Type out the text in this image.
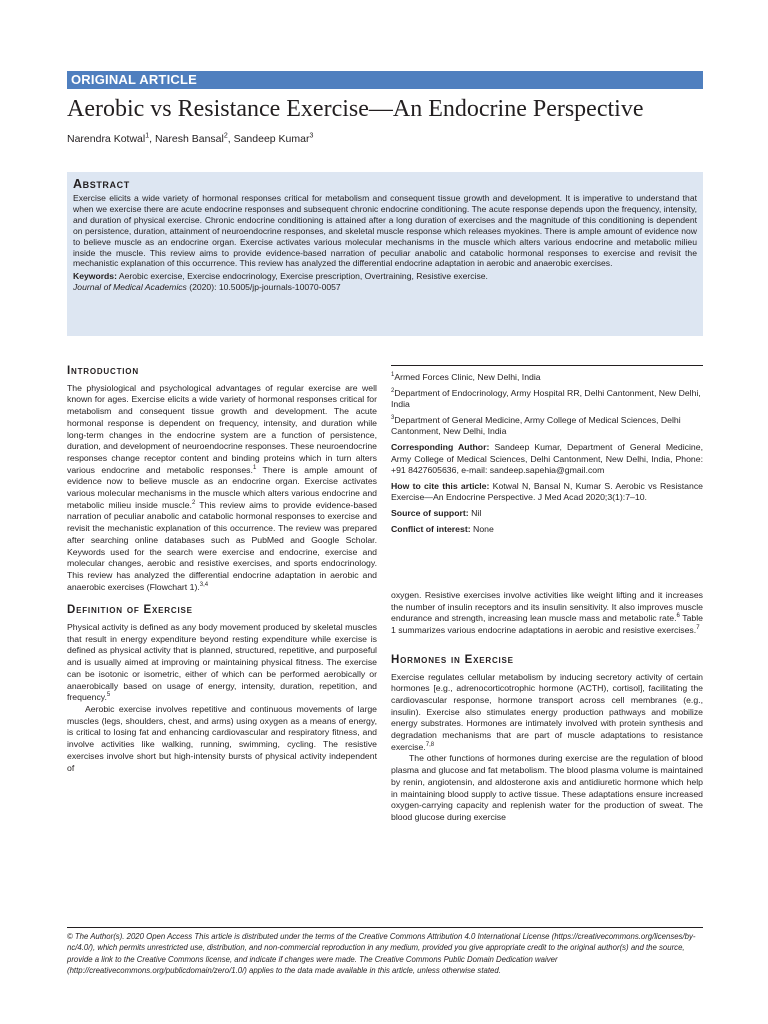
ORIGINAL ARTICLE
Aerobic vs Resistance Exercise—An Endocrine Perspective
Narendra Kotwal$^1$, Naresh Bansal$^2$, Sandeep Kumar$^3$
Abstract
Exercise elicits a wide variety of hormonal responses critical for metabolism and consequent tissue growth and development. It is imperative to understand that when we exercise there are acute endocrine responses and subsequent chronic endocrine conditioning. The acute response depends upon the frequency, intensity, and duration of physical exercise. Chronic endocrine conditioning is attained after a long duration of exercises and the magnitude of this conditioning is dependent on persistence, duration, attainment of neuroendocrine responses, and skeletal muscle response which releases myokines. There is ample amount of evidence now to believe muscle as an endocrine organ. Exercise activates various molecular mechanisms in the muscle which alters various endocrine and metabolic milieu inside the muscle. This review aims to provide evidence-based narration of peculiar anabolic and catabolic hormonal responses to exercise and revisit the mechanistic explanation of this occurrence. This review has analyzed the differential endocrine adaptation in aerobic and anaerobic exercises.
Keywords: Aerobic exercise, Exercise endocrinology, Exercise prescription, Overtraining, Resistive exercise.
Journal of Medical Academics (2020): 10.5005/jp-journals-10070-0057
Introduction

The physiological and psychological advantages of regular exercise are well known for ages. Exercise elicits a wide variety of hormonal responses critical for metabolism and consequent tissue growth and development. The acute hormonal response is dependent on frequency, intensity, and duration while long-term changes in the endocrine system are a function of persistence, duration, and development of neuroendocrine responses. These neuroendocrine responses change receptor content and binding proteins which in turn alters various endocrine and metabolic responses.$^1$ There is ample amount of evidence now to believe muscle as an endocrine organ. Exercise activates various molecular mechanisms in the muscle which alters various endocrine and metabolic milieu inside muscle.$^2$ This review aims to provide evidence-based narration of peculiar anabolic and catabolic hormonal responses to exercise and revisit the mechanistic explanation of this occurrence. The review was prepared after searching online databases such as PubMed and Google Scholar. Keywords used for the search were exercise and endocrine, exercise and molecular changes, aerobic and resistive exercises, and sports endocrinology. This review has analyzed the differential endocrine adaptation in aerobic and anaerobic exercises (Flowchart 1).$^{3,4}$

Definition of Exercise

Physical activity is defined as any body movement produced by skeletal muscles that result in energy expenditure beyond resting expenditure while exercise is defined as physical activity that is planned, structured, repetitive, and purposeful and is usually aimed at improving or maintaining physical fitness. The exercise can be isotonic or isometric, either of which can be performed aerobically or anaerobically based on usage of energy, intensity, duration, repetition, and frequency.$^5$

Aerobic exercise involves repetitive and continuous movements of large muscles (legs, shoulders, chest, and arms) using oxygen as a means of energy, is critical to losing fat and enhancing cardiovascular and respiratory fitness, and involve activities like walking, running, swimming, cycling. The resistive exercises involve short but high-intensity bursts of physical activity independent of

$^1$Armed Forces Clinic, New Delhi, India

$^2$Department of Endocrinology, Army Hospital RR, Delhi Cantonment, New Delhi, India

$^3$Department of General Medicine, Army College of Medical Sciences, Delhi Cantonment, New Delhi, India

Corresponding Author: Sandeep Kumar, Department of General Medicine, Army College of Medical Sciences, Delhi Cantonment, New Delhi, India, Phone: +91 8427605636, e-mail: sandeep.sapehia@gmail.com

How to cite this article: Kotwal N, Bansal N, Kumar S. Aerobic vs Resistance Exercise—An Endocrine Perspective. J Med Acad 2020;3(1):7–10.

Source of support: Nil

Conflict of interest: None

oxygen. Resistive exercises involve activities like weight lifting and it increases the number of insulin receptors and its insulin sensitivity. It also improves muscle endurance and strength, increasing lean muscle mass and metabolic rate.$^6$ Table 1 summarizes various endocrine adaptations in aerobic and resistive exercises.$^7$

Hormones in Exercise

Exercise regulates cellular metabolism by inducing secretory activity of certain hormones [e.g., adrenocorticotrophic hormone (ACTH), cortisol], facilitating the cardiovascular response, hormone transport across cell membranes (e.g., insulin). Exercise also stimulates energy production pathways and mobilize energy substrates. Hormones are intimately involved with protein synthesis and degradation mechanisms that are part of muscle adaptations to resistance exercise.$^{7,8}$

The other functions of hormones during exercise are the regulation of blood plasma and glucose and fat metabolism. The blood plasma volume is maintained by renin, angiotensin, and aldosterone axis and antidiuretic hormone which help in maintaining blood supply to active tissue. These adaptations ensure increased oxygen-carrying capacity and replenish water for the production of sweat. The blood glucose during exercise

© The Author(s). 2020 Open Access This article is distributed under the terms of the Creative Commons Attribution 4.0 International License (https://creativecommons.org/licenses/by-nc/4.0/), which permits unrestricted use, distribution, and non-commercial reproduction in any medium, provided you give appropriate credit to the original author(s) and the source, provide a link to the Creative Commons license, and indicate if changes were made. The Creative Commons Public Domain Dedication waiver (http://creativecommons.org/publicdomain/zero/1.0/) applies to the data made available in this article, unless otherwise stated.
